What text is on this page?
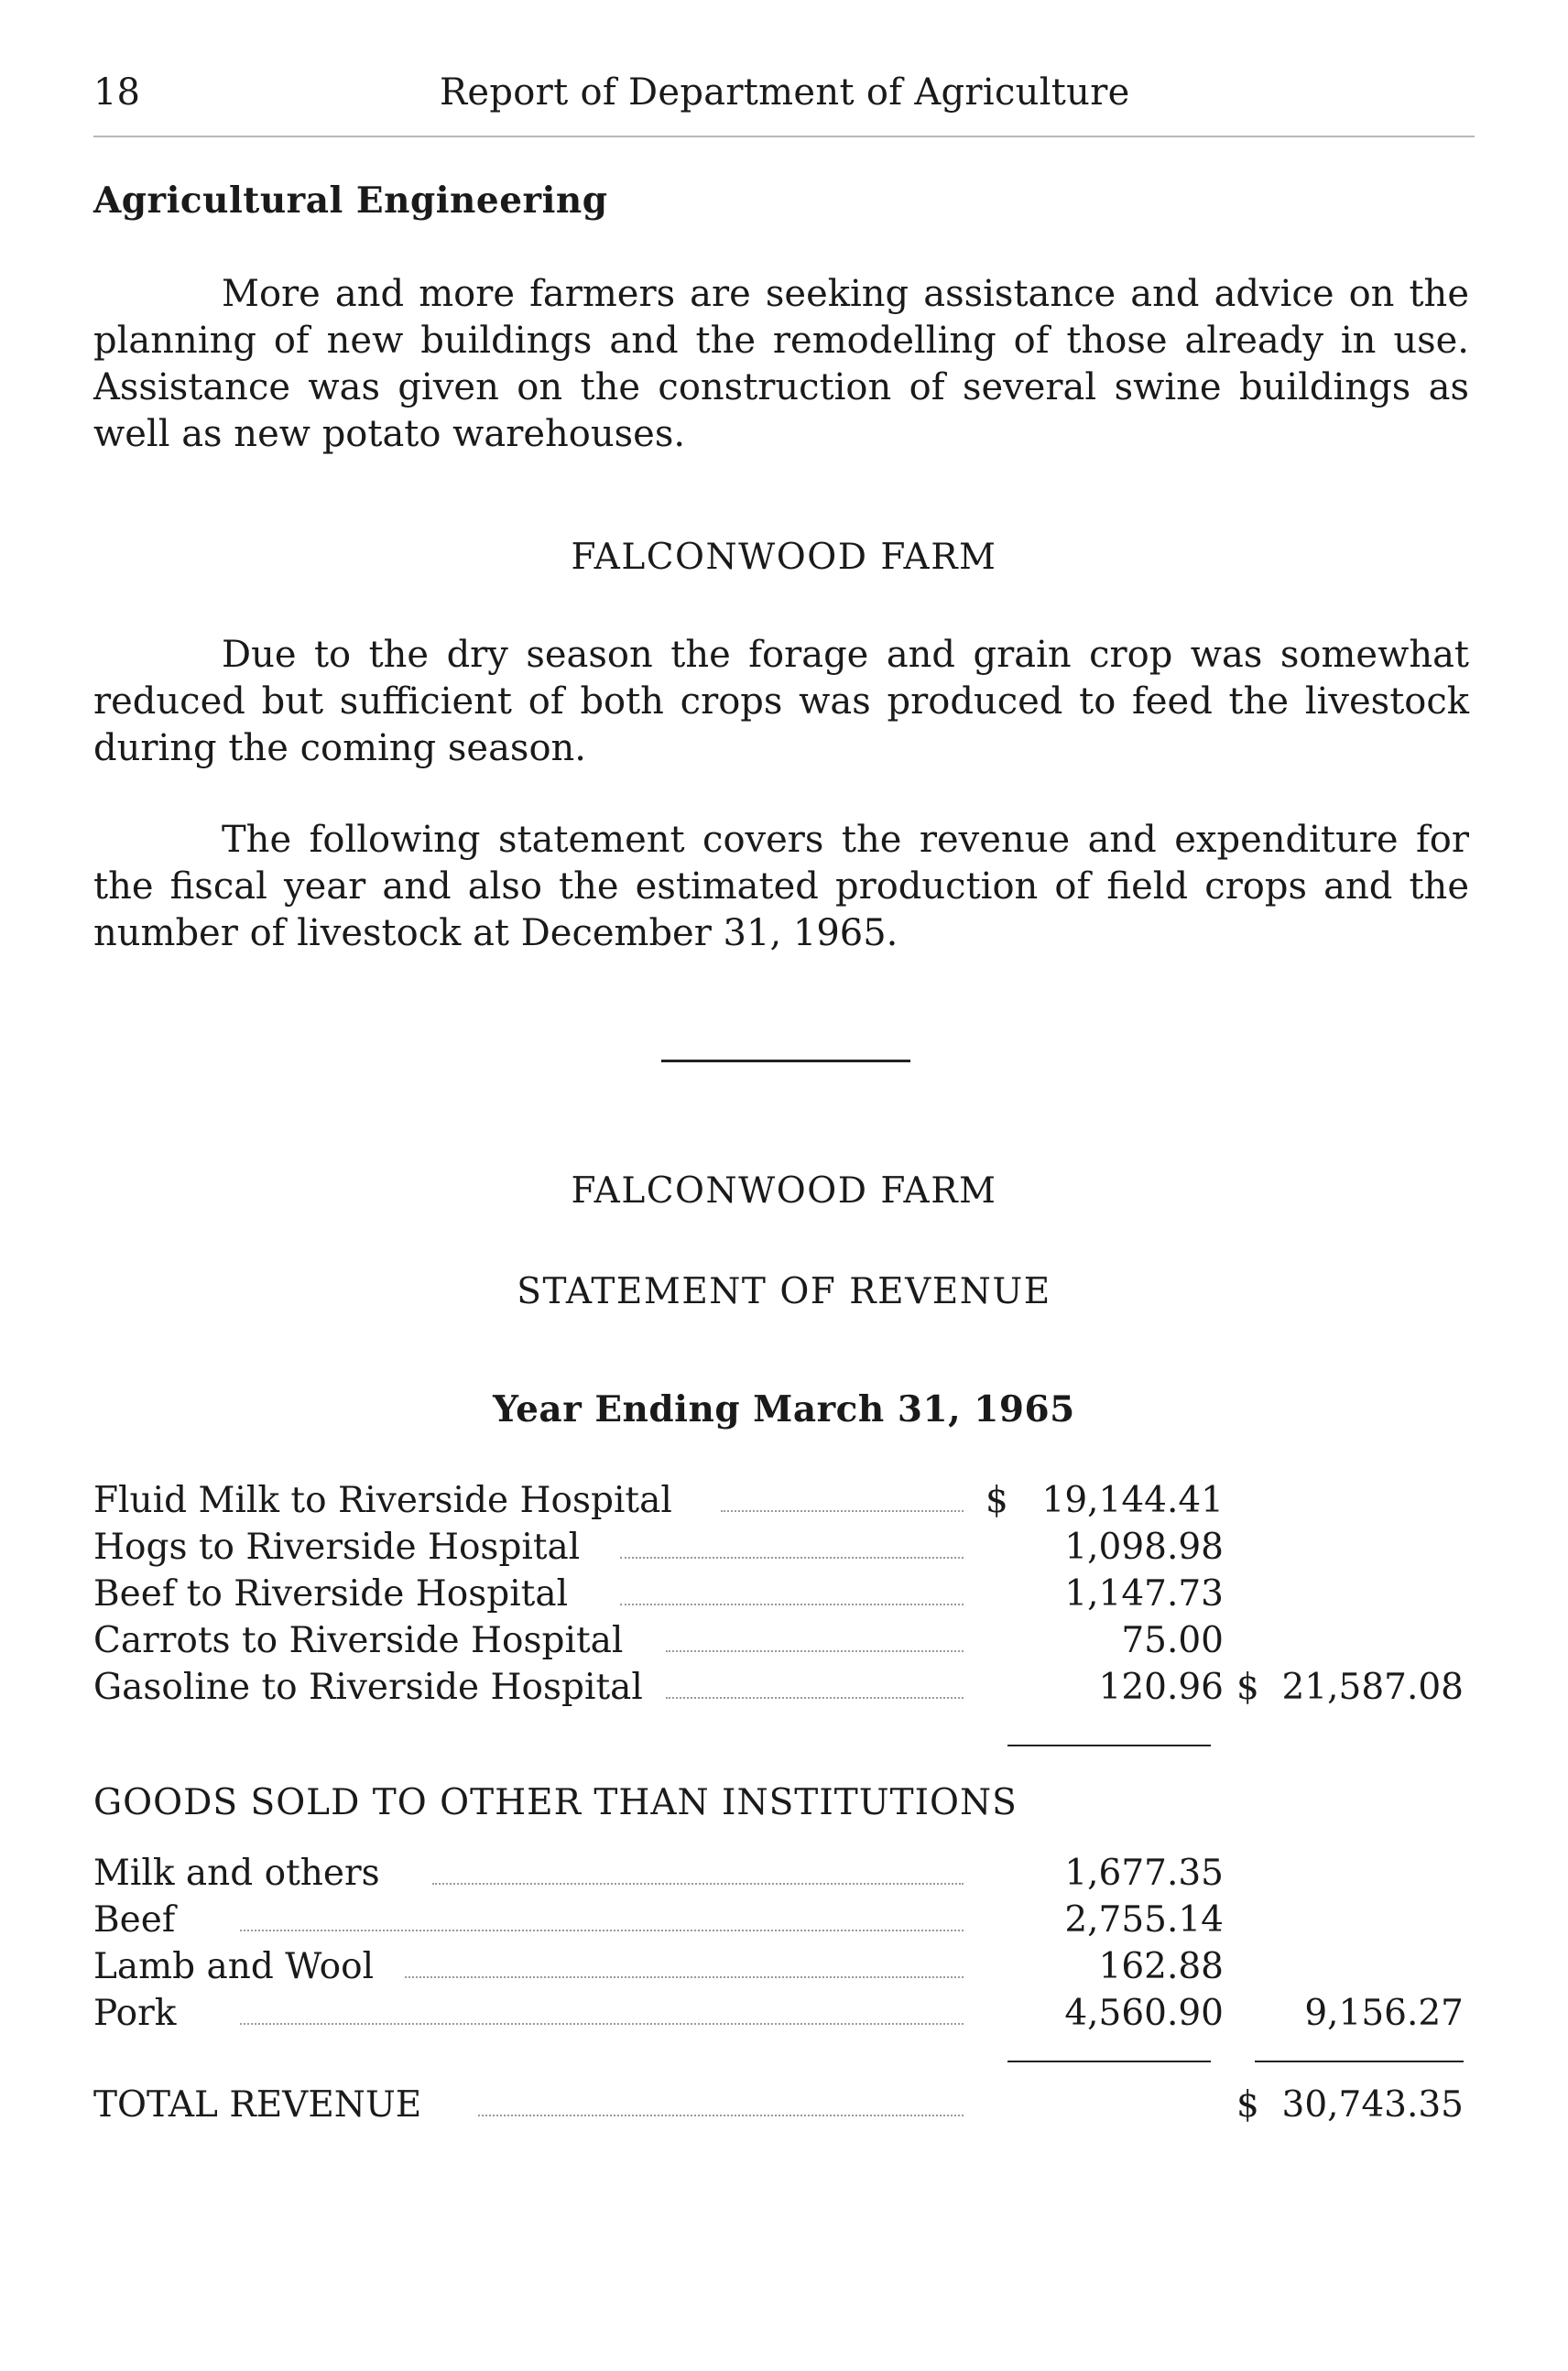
18	Report of Department of Agriculture
Agricultural Engineering

More and more farmers are seeking assistance and advice on the planning of new buildings and the remodelling of those already in use. Assistance was given on the construction of several swine buildings as well as new potato warehouses.

FALCONWOOD FARM

Due to the dry season the forage and grain crop was somewhat reduced but sufficient of both crops was produced to feed the livestock during the coming season.

The following statement covers the revenue and expenditure for the fiscal year and also the estimated production of field crops and the number of livestock at December 31, 1965.

FALCONWOOD FARM
STATEMENT OF REVENUE
Year Ending March 31, 1965
Fluid Milk to Riverside Hospital	$ 19,144.41
Hogs to Riverside Hospital	1,098.98
Beef to Riverside Hospital	1,147.73
Carrots to Riverside Hospital	75.00
Gasoline to Riverside Hospital	120.96 $ 21,587.08
GOODS SOLD TO OTHER THAN INSTITUTIONS
Milk and others	1,677.35
Beef	2,755.14
Lamb and Wool	162.88
Pork	4,560.90 9,156.27
TOTAL REVENUE	$ 30,743.35
